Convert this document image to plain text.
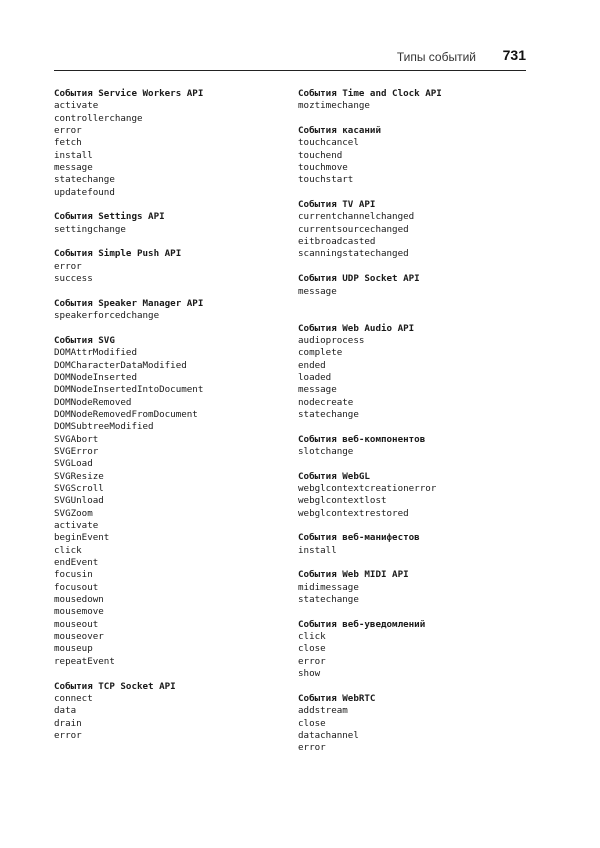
Типы событий 731
События Service Workers API
activate
controllerchange
error
fetch
install
message
statechange
updatefound
События Settings API
settingchange
События Simple Push API
error
success
События Speaker Manager API
speakerforcedchange
События SVG
DOMAttrModified
DOMCharacterDataModified
DOMNodeInserted
DOMNodeInsertedIntoDocument
DOMNodeRemoved
DOMNodeRemovedFromDocument
DOMSubtreeModified
SVGAbort
SVGError
SVGLoad
SVGResize
SVGScroll
SVGUnload
SVGZoom
activate
beginEvent
click
endEvent
focusin
focusout
mousedown
mousemove
mouseout
mouseover
mouseup
repeatEvent
События TCP Socket API
connect
data
drain
error
События Time and Clock API
moztimechange
События касаний
touchcancel
touchend
touchmove
touchstart
События TV API
currentchannelchanged
currentsourcechanged
eitbroadcasted
scanningstatechanged
События UDP Socket API
message
События Web Audio API
audioprocess
complete
ended
loaded
message
nodecreate
statechange
События веб-компонентов
slotchange
События WebGL
webglcontextcreationerror
webglcontextlost
webglcontextrestored
События веб-манифестов
install
События Web MIDI API
midimessage
statechange
События веб-уведомлений
click
close
error
show
События WebRTC
addstream
close
datachannel
error
